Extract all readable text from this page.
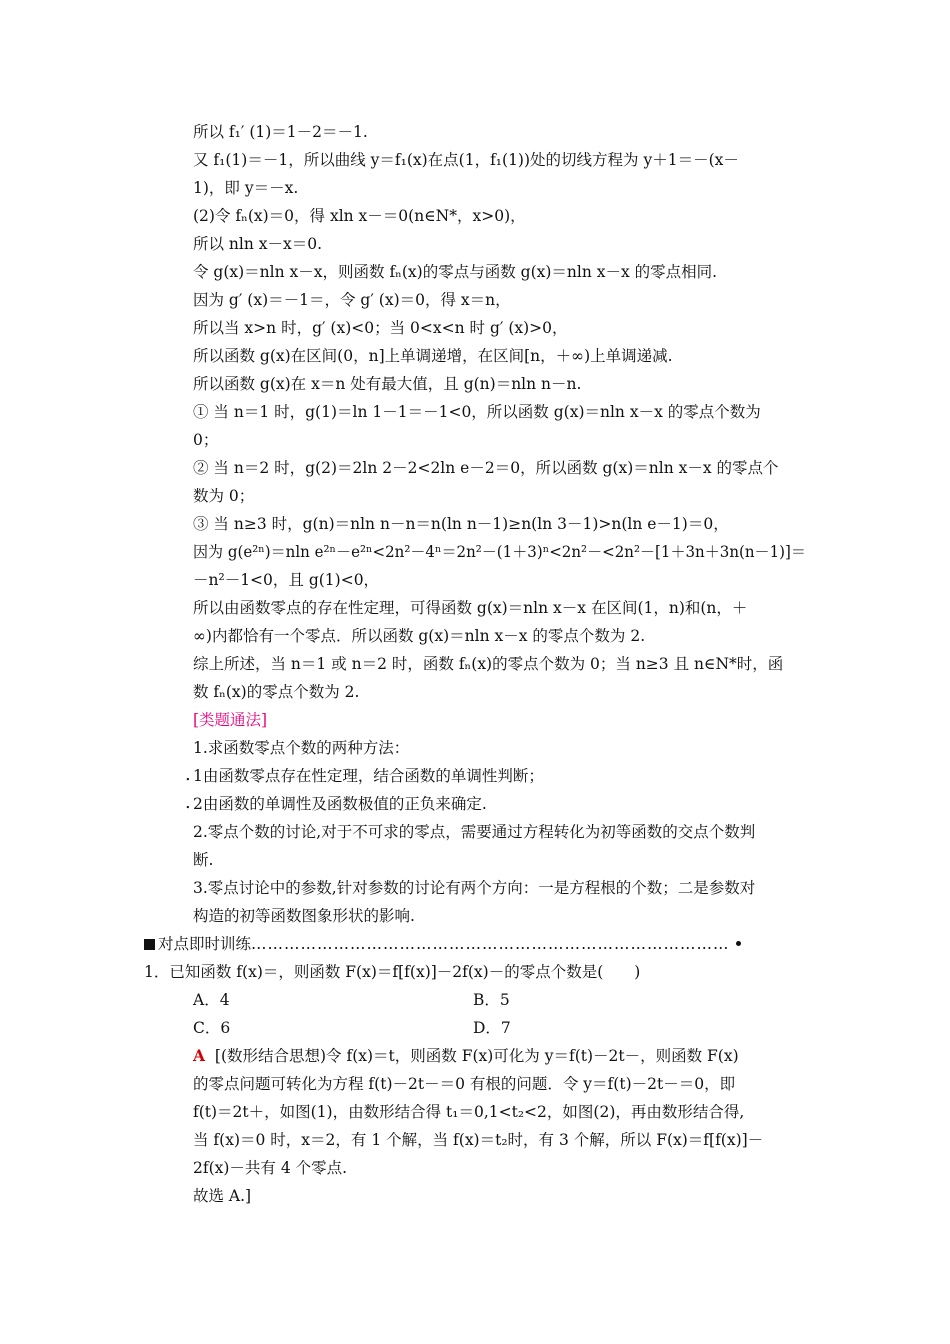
所以 f₁′ (1)＝1－2＝－1.
又 f₁(1)＝－1，所以曲线 y＝f₁(x)在点(1，f₁(1))处的切线方程为 y＋1＝－(x－
1)，即 y＝－x.
(2)令 fₙ(x)＝0，得 xln x－＝0(n∈N*，x>0)，
所以 nln x－x＝0.
令 g(x)＝nln x－x，则函数 fₙ(x)的零点与函数 g(x)＝nln x－x 的零点相同.
因为 g′ (x)＝－1＝，令 g′ (x)＝0，得 x＝n，
所以当 x>n 时，g′ (x)<0；当 0<x<n 时 g′ (x)>0，
所以函数 g(x)在区间(0，n]上单调递增，在区间[n，＋∞)上单调递减.
所以函数 g(x)在 x＝n 处有最大值，且 g(n)＝nln n－n.
① 当 n＝1 时，g(1)＝ln 1－1＝－1<0，所以函数 g(x)＝nln x－x 的零点个数为
0；
② 当 n＝2 时，g(2)＝2ln 2－2<2ln e－2＝0，所以函数 g(x)＝nln x－x 的零点个
数为 0；
③ 当 n≥3 时，g(n)＝nln n－n＝n(ln n－1)≥n(ln 3－1)>n(ln e－1)＝0，
因为 g(e²ⁿ)＝nln e²ⁿ－e²ⁿ<2n²－4ⁿ＝2n²－(1＋3)ⁿ<2n²－<2n²－[1＋3n＋3n(n－1)]＝
－n²－1<0，且 g(1)<0，
所以由函数零点的存在性定理，可得函数 g(x)＝nln x－x 在区间(1，n)和(n，＋
∞)内都恰有一个零点．所以函数 g(x)＝nln x－x 的零点个数为 2.
综上所述，当 n＝1 或 n＝2 时，函数 fₙ(x)的零点个数为 0；当 n≥3 且 n∈N*时，函
数 fₙ(x)的零点个数为 2.
[类题通法]
1.求函数零点个数的两种方法：
. 1由函数零点存在性定理，结合函数的单调性判断；
. 2由函数的单调性及函数极值的正负来确定.
2.零点个数的讨论,对于不可求的零点，需要通过方程转化为初等函数的交点个数判
断.
3.零点讨论中的参数,针对参数的讨论有两个方向：一是方程根的个数；二是参数对
构造的初等函数图象形状的影响.
对点即时训练……………………………………………………………………………
1．已知函数 f(x)＝，则函数 F(x)＝f[f(x)]－2f(x)－的零点个数是(　　)
A．4	B．5
C．6	D．7
A [(数形结合思想)令 f(x)＝t，则函数 F(x)可化为 y＝f(t)－2t－，则函数 F(x)
的零点问题可转化为方程 f(t)－2t－＝0 有根的问题．令 y＝f(t)－2t－＝0，即
f(t)＝2t＋，如图(1)，由数形结合得 t₁＝0,1<t₂<2，如图(2)，再由数形结合得,
当 f(x)＝0 时，x＝2，有 1 个解，当 f(x)＝t₂时，有 3 个解，所以 F(x)＝f[f(x)]－
2f(x)－共有 4 个零点.
故选 A.]
